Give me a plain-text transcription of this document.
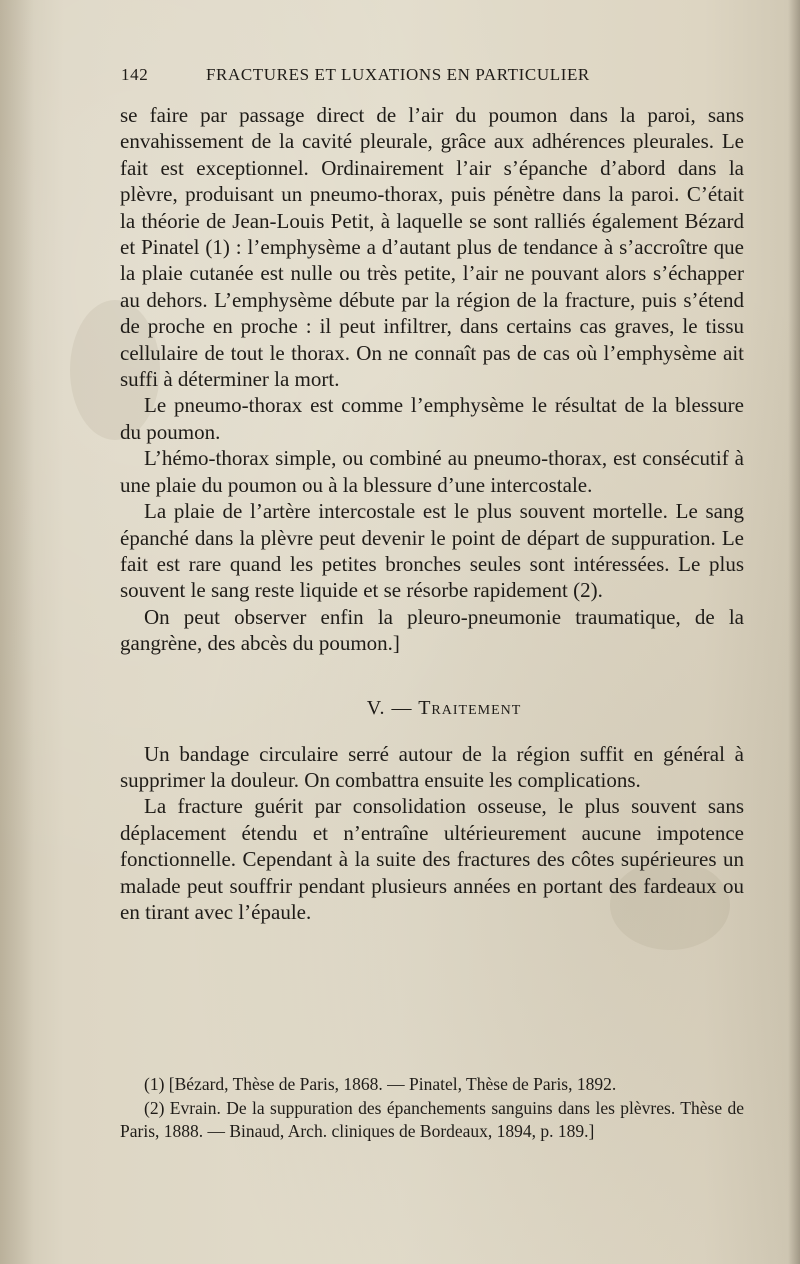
142	FRACTURES ET LUXATIONS EN PARTICULIER

se faire par passage direct de l’air du poumon dans la paroi, sans envahissement de la cavité pleurale, grâce aux adhérences pleurales. Le fait est exceptionnel. Ordinairement l’air s’épanche d’abord dans la plèvre, produisant un pneumo-thorax, puis pénètre dans la paroi. C’était la théorie de Jean-Louis Petit, à laquelle se sont ralliés également Bézard et Pinatel (1) : l’emphysème a d’autant plus de tendance à s’accroître que la plaie cutanée est nulle ou très petite, l’air ne pouvant alors s’échapper au dehors. L’emphysème débute par la région de la fracture, puis s’étend de proche en proche : il peut infiltrer, dans certains cas graves, le tissu cellulaire de tout le thorax. On ne connaît pas de cas où l’emphysème ait suffi à déterminer la mort.

Le pneumo-thorax est comme l’emphysème le résultat de la blessure du poumon.

L’hémo-thorax simple, ou combiné au pneumo-thorax, est consécutif à une plaie du poumon ou à la blessure d’une intercostale.

La plaie de l’artère intercostale est le plus souvent mortelle. Le sang épanché dans la plèvre peut devenir le point de départ de suppuration. Le fait est rare quand les petites bronches seules sont intéressées. Le plus souvent le sang reste liquide et se résorbe rapidement (2).

On peut observer enfin la pleuro-pneumonie traumatique, de la gangrène, des abcès du poumon.]

V. — Traitement

Un bandage circulaire serré autour de la région suffit en général à supprimer la douleur. On combattra ensuite les complications.

La fracture guérit par consolidation osseuse, le plus souvent sans déplacement étendu et n’entraîne ultérieurement aucune impotence fonctionnelle. Cependant à la suite des fractures des côtes supérieures un malade peut souffrir pendant plusieurs années en portant des fardeaux ou en tirant avec l’épaule.

(1) [Bézard, Thèse de Paris, 1868. — Pinatel, Thèse de Paris, 1892.

(2) Evrain. De la suppuration des épanchements sanguins dans les plèvres. Thèse de Paris, 1888. — Binaud, Arch. cliniques de Bordeaux, 1894, p. 189.]
